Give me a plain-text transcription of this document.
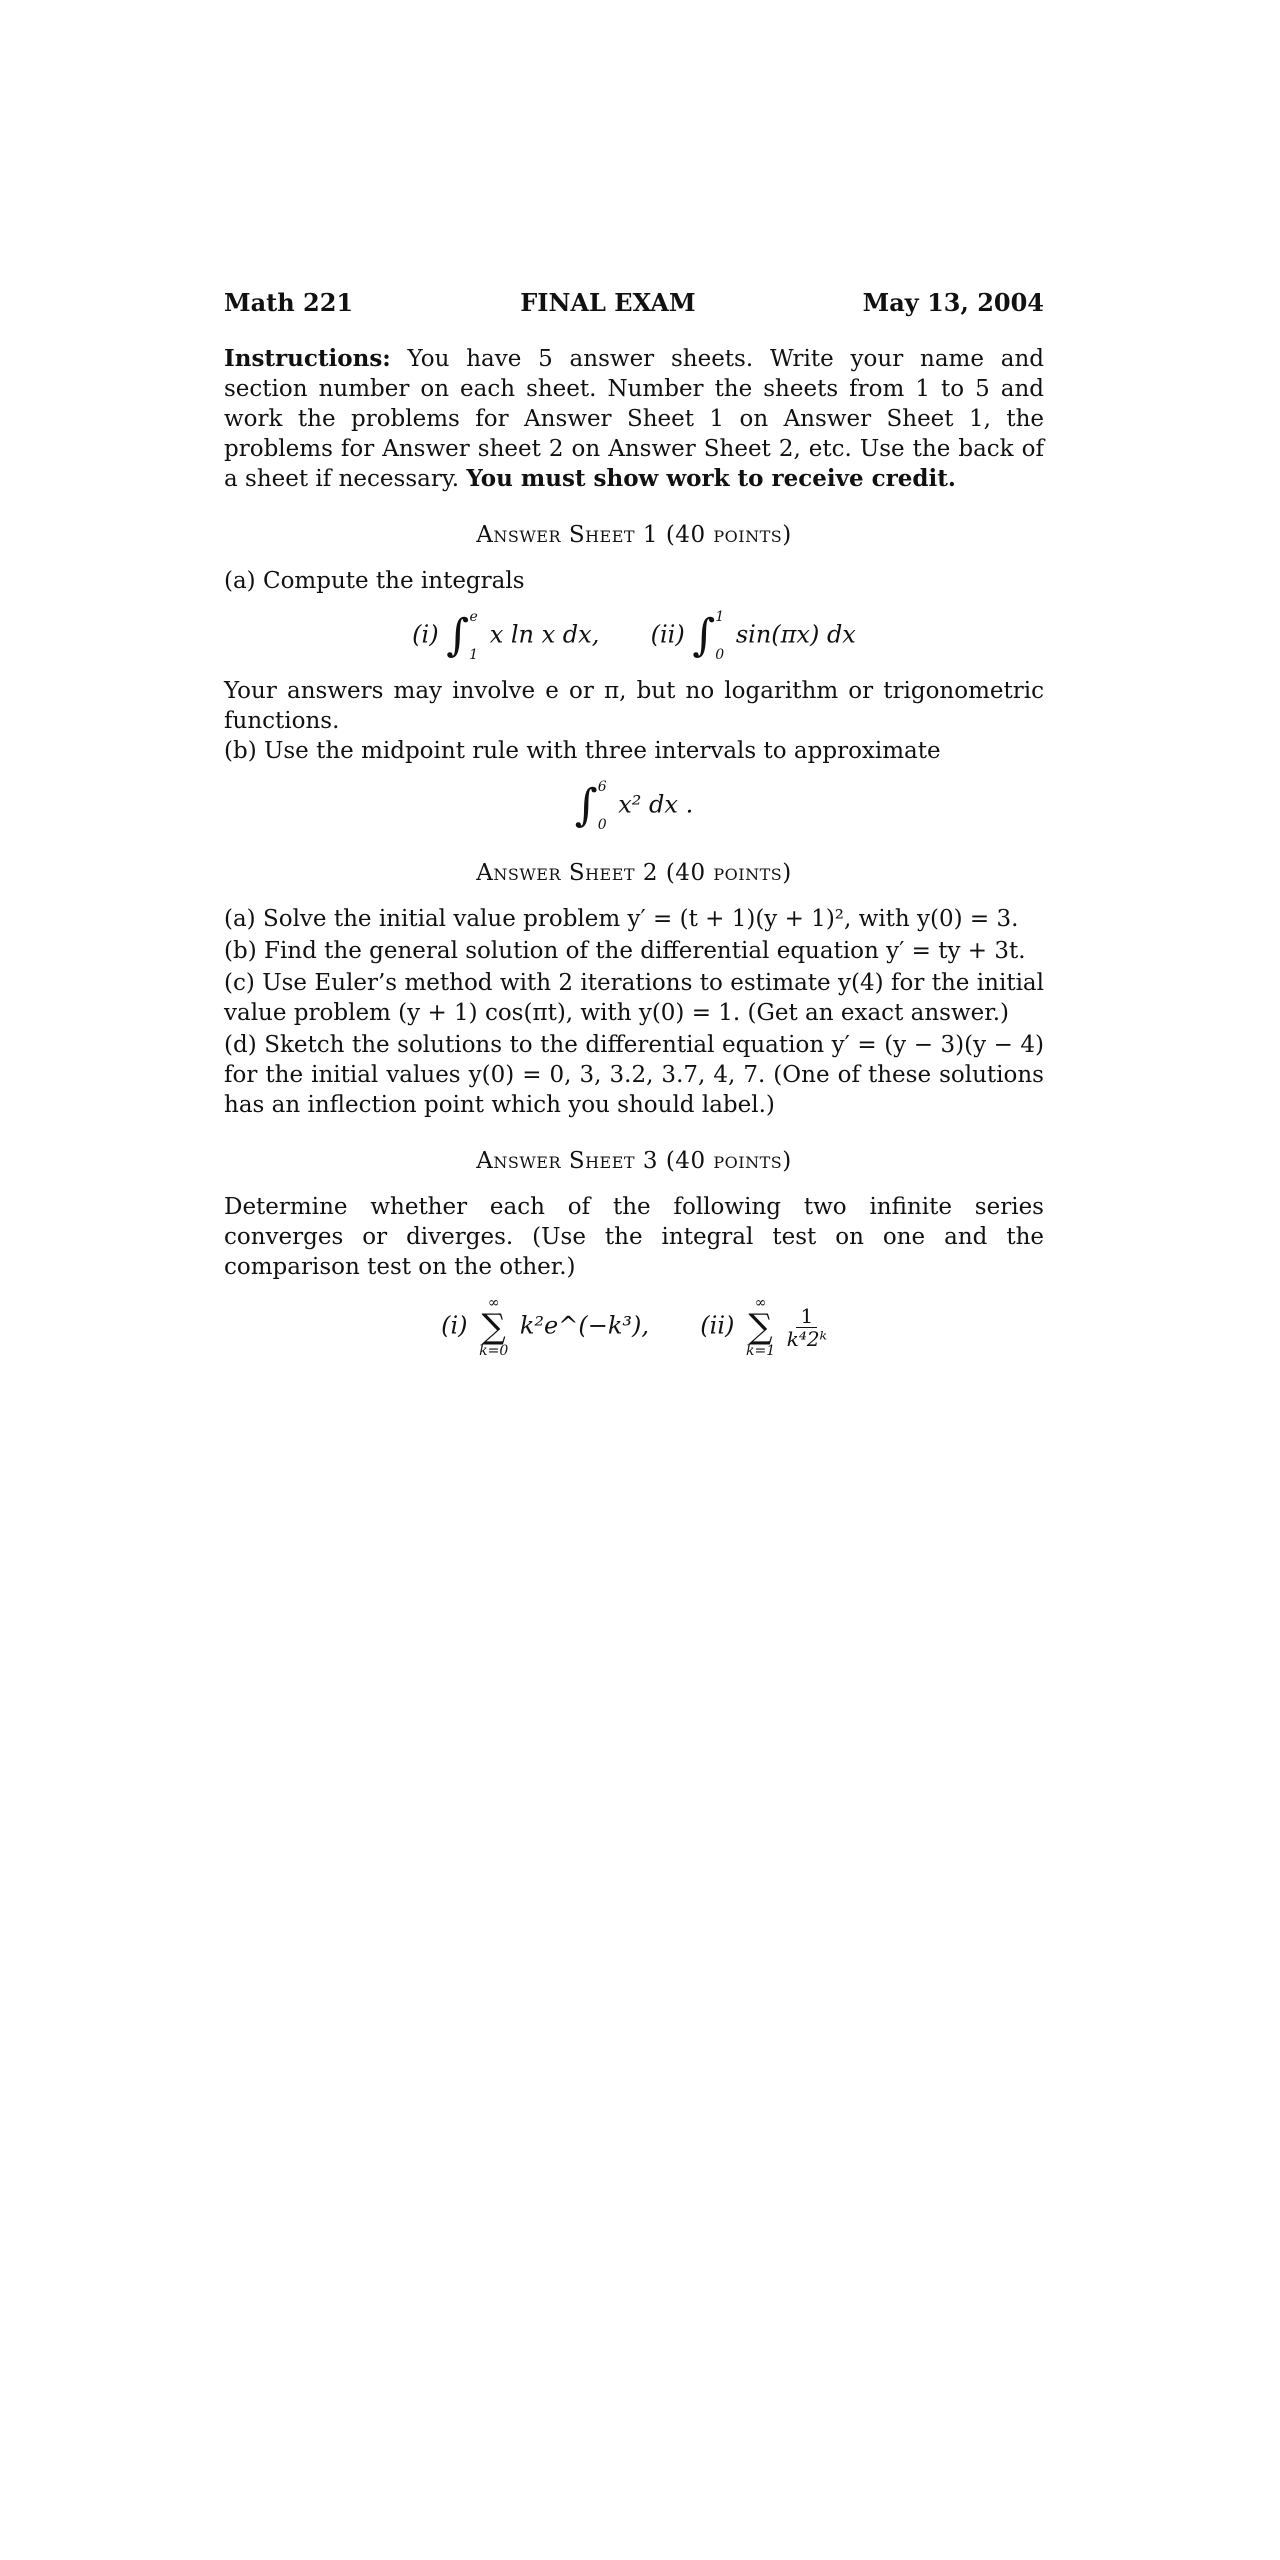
Math 221	FINAL EXAM	May 13, 2004

Instructions: You have 5 answer sheets. Write your name and section number on each sheet. Number the sheets from 1 to 5 and work the problems for Answer Sheet 1 on Answer Sheet 1, the problems for Answer sheet 2 on Answer Sheet 2, etc. Use the back of a sheet if necessary. You must show work to receive credit.

Answer Sheet 1 (40 points)

(a) Compute the integrals

(i) ∫ e
1
x ln x dx, (ii) ∫ 1
0
sin(πx) dx

Your answers may involve e or π, but no logarithm or trigonometric functions.

(b) Use the midpoint rule with three intervals to approximate

∫ 6
0
x² dx .
Answer Sheet 2 (40 points)

(a) Solve the initial value problem y′ = (t + 1)(y + 1)², with y(0) = 3.

(b) Find the general solution of the differential equation y′ = ty + 3t.

(c) Use Euler’s method with 2 iterations to estimate y(4) for the initial value problem (y + 1) cos(πt), with y(0) = 1. (Get an exact answer.)

(d) Sketch the solutions to the differential equation y′ = (y − 3)(y − 4) for the initial values y(0) = 0, 3, 3.2, 3.7, 4, 7. (One of these solutions has an inflection point which you should label.)

Answer Sheet 3 (40 points)

Determine whether each of the following two infinite series converges or diverges. (Use the integral test on one and the comparison test on the other.)

(i)
∞
∑
k=0
k²e^(−k³), (ii)
∞
∑
k=1

$\frac{1}{\text{k⁴2ᵏ}}$
